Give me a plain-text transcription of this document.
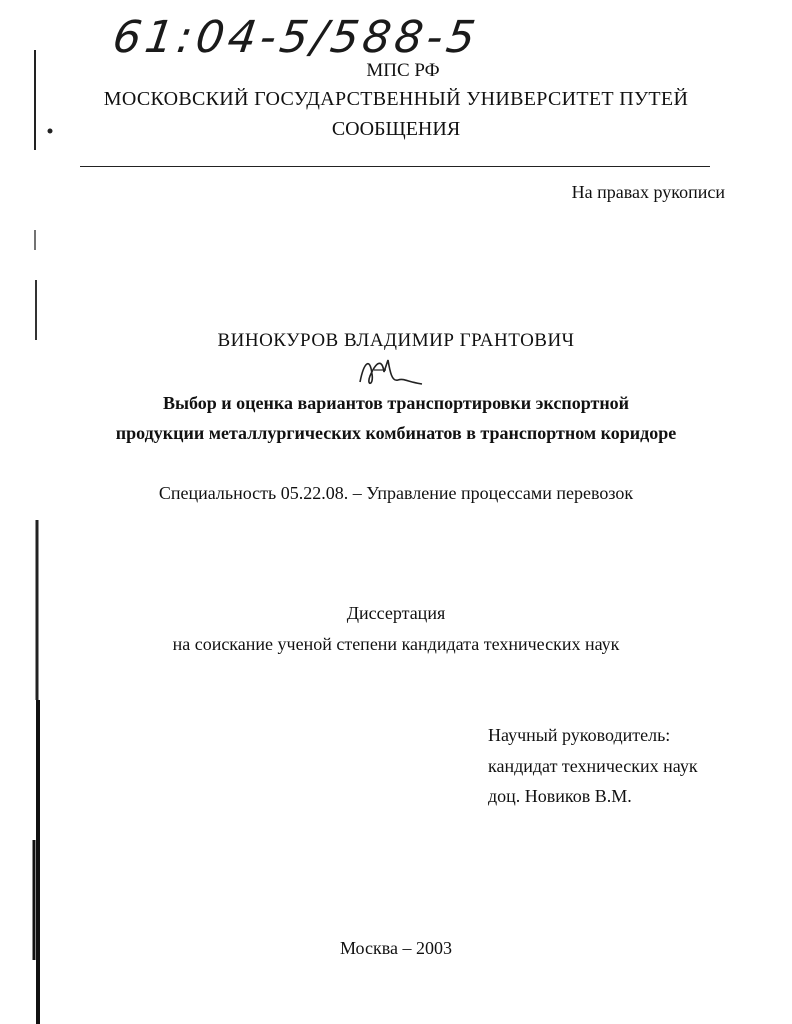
61:04-5/588-5
МПС РФ
МОСКОВСКИЙ ГОСУДАРСТВЕННЫЙ УНИВЕРСИТЕТ ПУТЕЙ
СООБЩЕНИЯ
На правах рукописи
ВИНОКУРОВ ВЛАДИМИР ГРАНТОВИЧ
Выбор и оценка вариантов транспортировки экспортной
продукции металлургических комбинатов в транспортном коридоре
Специальность 05.22.08. – Управление процессами перевозок
Диссертация
на соискание ученой степени кандидата технических наук
Научный руководитель:
кандидат технических наук
доц. Новиков В.М.
Москва – 2003
